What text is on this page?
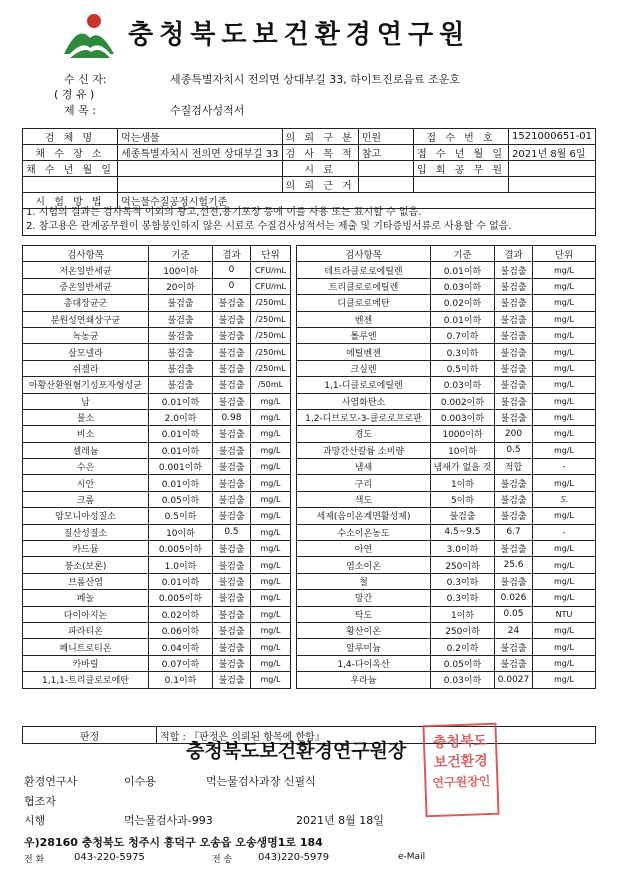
충청북도보건환경연구원
수 신 자:	세종특별자치시 전의면 상대부길 33, 하이트진로음료 조운호
( 경 유 )
제 목 :	수질검사성적서
검 체 명	먹는샘물	의 뢰 구 분	민원	접 수 번 호	1521000651-01
채 수 장 소	세종특별자치시 전의면 상대부길 33	검 사 목 적	참고	접 수 년 월 일	2021년 8월 6일
채 수 년 월 일		시 료		입 회 공 무 원	
		의 뢰 근 거			
시 험 방 법	먹는물수질공정시험기준				
1. 시험의 결과는 검사목적 이외의 광고,선전,용기포장 등에 이를 사용 또는 표시할 수 없음.
2. 참고용은 관계공무원이 봉함봉인하지 않은 시료로 수질검사성적서는 제출 및 기타증빙서류로 사용할 수 없음.
검사항목	기준	결과	단위		검사항목	기준	결과	단위
저온일반세균	100이하	0	CFU/mL		테트라클로로에틸렌	0.01이하	불검출	mg/L
중온일반세균	20이하	0	CFU/mL		트리클로로에틸렌	0.03이하	불검출	mg/L
총대장균군	불검출	불검출	/250mL		디클로로메탄	0.02이하	불검출	mg/L
분원성연쇄상구균	불검출	불검출	/250mL		벤젠	0.01이하	불검출	mg/L
녹농균	불검출	불검출	/250mL		톨루엔	0.7이하	불검출	mg/L
살모넬라	불검출	불검출	/250mL		에틸벤젠	0.3이하	불검출	mg/L
쉬겔라	불검출	불검출	/250mL		크실렌	0.5이하	불검출	mg/L
아황산환원혐기성포자형성균	불검출	불검출	/50mL		1,1-디클로로에틸렌	0.03이하	불검출	mg/L
납	0.01이하	불검출	mg/L		사염화탄소	0.002이하	불검출	mg/L
불소	2.0이하	0.98	mg/L		1,2-디브로모-3-클로로프로판	0.003이하	불검출	mg/L
비소	0.01이하	불검출	mg/L		경도	1000이하	200	mg/L
셀레늄	0.01이하	불검출	mg/L		과망간산칼륨 소비량	10이하	0.5	mg/L
수은	0.001이하	불검출	mg/L		냄새	냄새가 없을 것	적합	-
시안	0.01이하	불검출	mg/L		구리	1이하	불검출	mg/L
크롬	0.05이하	불검출	mg/L		색도	5이하	불검출	도
암모니아성질소	0.5이하	불검출	mg/L		세제(음이온계면활성제)	불검출	불검출	mg/L
질산성질소	10이하	0.5	mg/L		수소이온농도	4.5~9.5	6.7	-
카드뮴	0.005이하	불검출	mg/L		아연	3.0이하	불검출	mg/L
붕소(보론)	1.0이하	불검출	mg/L		염소이온	250이하	25.6	mg/L
브롬산염	0.01이하	불검출	mg/L		철	0.3이하	불검출	mg/L
페놀	0.005이하	불검출	mg/L		망간	0.3이하	0.026	mg/L
다이아지논	0.02이하	불검출	mg/L		탁도	1이하	0.05	NTU
파라티온	0.06이하	불검출	mg/L		황산이온	250이하	24	mg/L
페니트로티온	0.04이하	불검출	mg/L		알루미늄	0.2이하	불검출	mg/L
카바릴	0.07이하	불검출	mg/L		1,4-다이옥산	0.05이하	불검출	mg/L
1,1,1-트리클로로에탄	0.1이하	불검출	mg/L		우라늄	0.03이하	0.0027	mg/L
판정	적합 : 『판정은 의뢰된 항목에 한함』
충청북도보건환경연구원장	충청북도
보건환경
연구원장인
환경연구사	이수용	먹는물검사과장 신필식
협조자
시행	먹는물검사과-993	2021년 8월 18일
우)28160 충청북도 청주시 흥덕구 오송읍 오송생명1로 184
전 화	043-220-5975	전 송	043)220-5979	e-Mail
